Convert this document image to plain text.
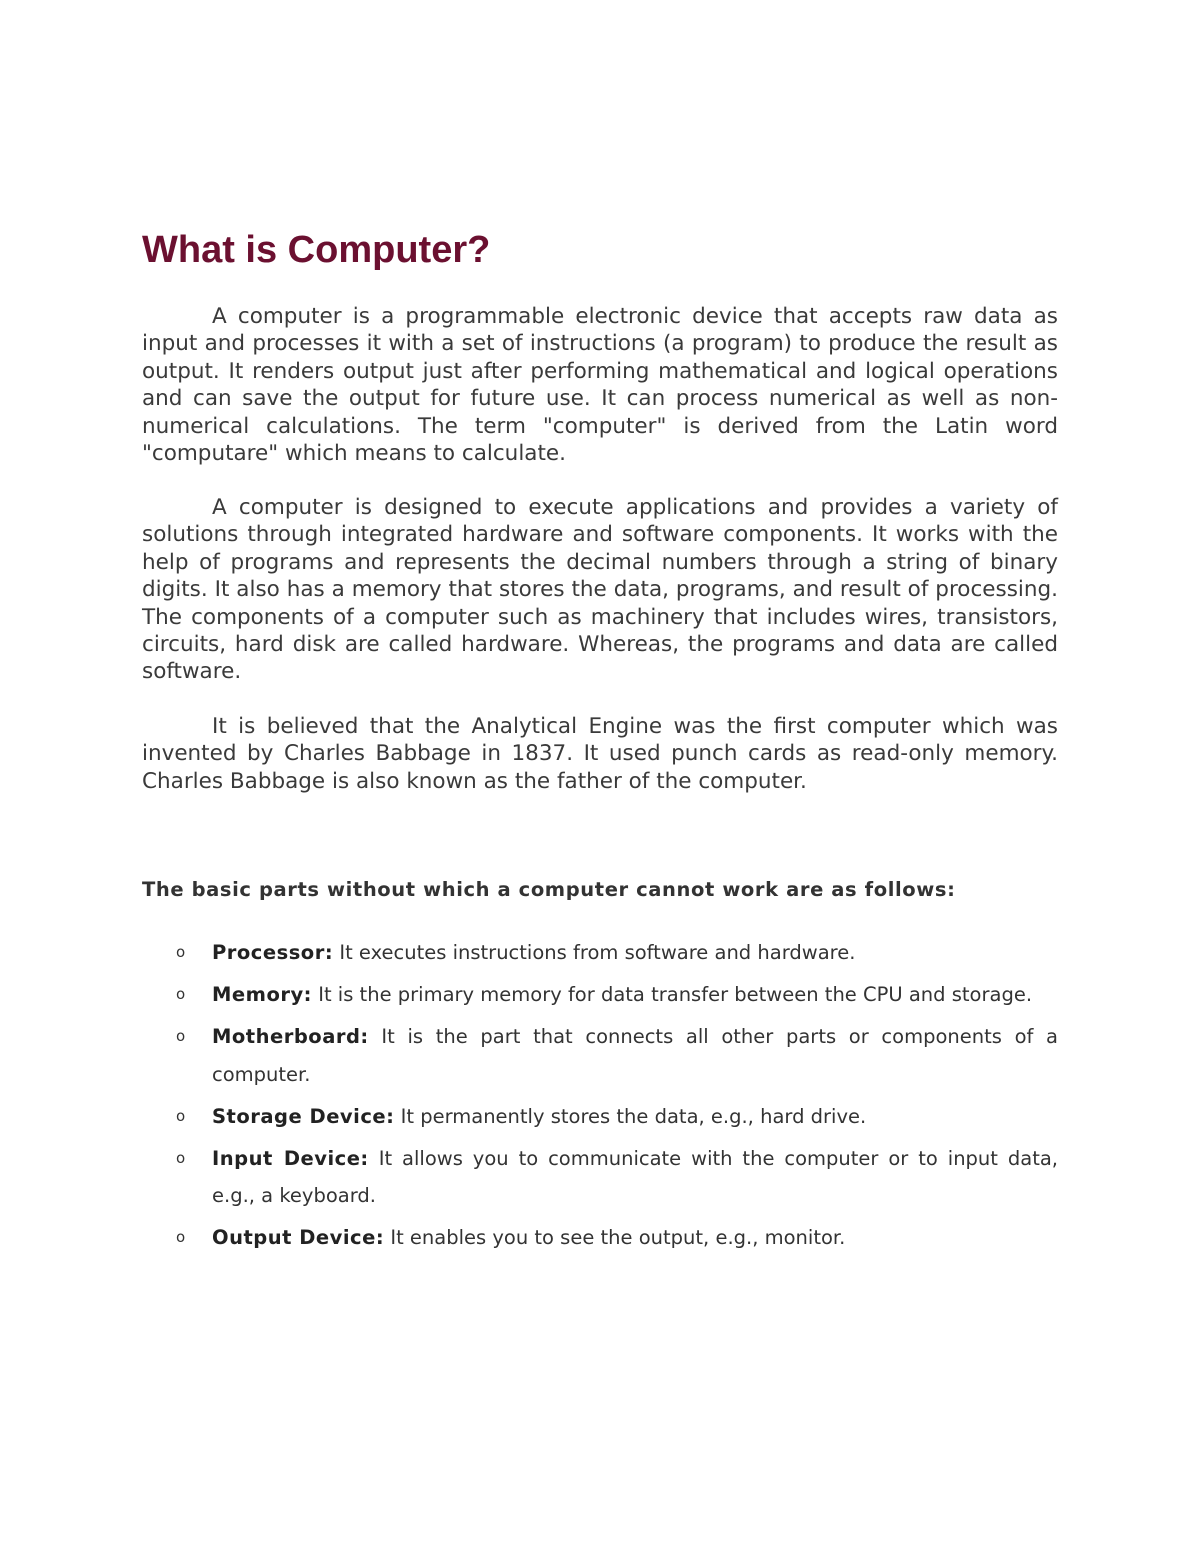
What is Computer?

A computer is a programmable electronic device that accepts raw data as input and processes it with a set of instructions (a program) to produce the result as output. It renders output just after performing mathematical and logical operations and can save the output for future use. It can process numerical as well as non-numerical calculations. The term "computer" is derived from the Latin word "computare" which means to calculate.

A computer is designed to execute applications and provides a variety of solutions through integrated hardware and software components. It works with the help of programs and represents the decimal numbers through a string of binary digits. It also has a memory that stores the data, programs, and result of processing. The components of a computer such as machinery that includes wires, transistors, circuits, hard disk are called hardware. Whereas, the programs and data are called software.

It is believed that the Analytical Engine was the first computer which was invented by Charles Babbage in 1837. It used punch cards as read-only memory. Charles Babbage is also known as the father of the computer.

The basic parts without which a computer cannot work are as follows:
o Processor: It executes instructions from software and hardware.
o Memory: It is the primary memory for data transfer between the CPU and storage.
o Motherboard: It is the part that connects all other parts or components of a computer.
o Storage Device: It permanently stores the data, e.g., hard drive.
o Input Device: It allows you to communicate with the computer or to input data, e.g., a keyboard.
o Output Device: It enables you to see the output, e.g., monitor.
